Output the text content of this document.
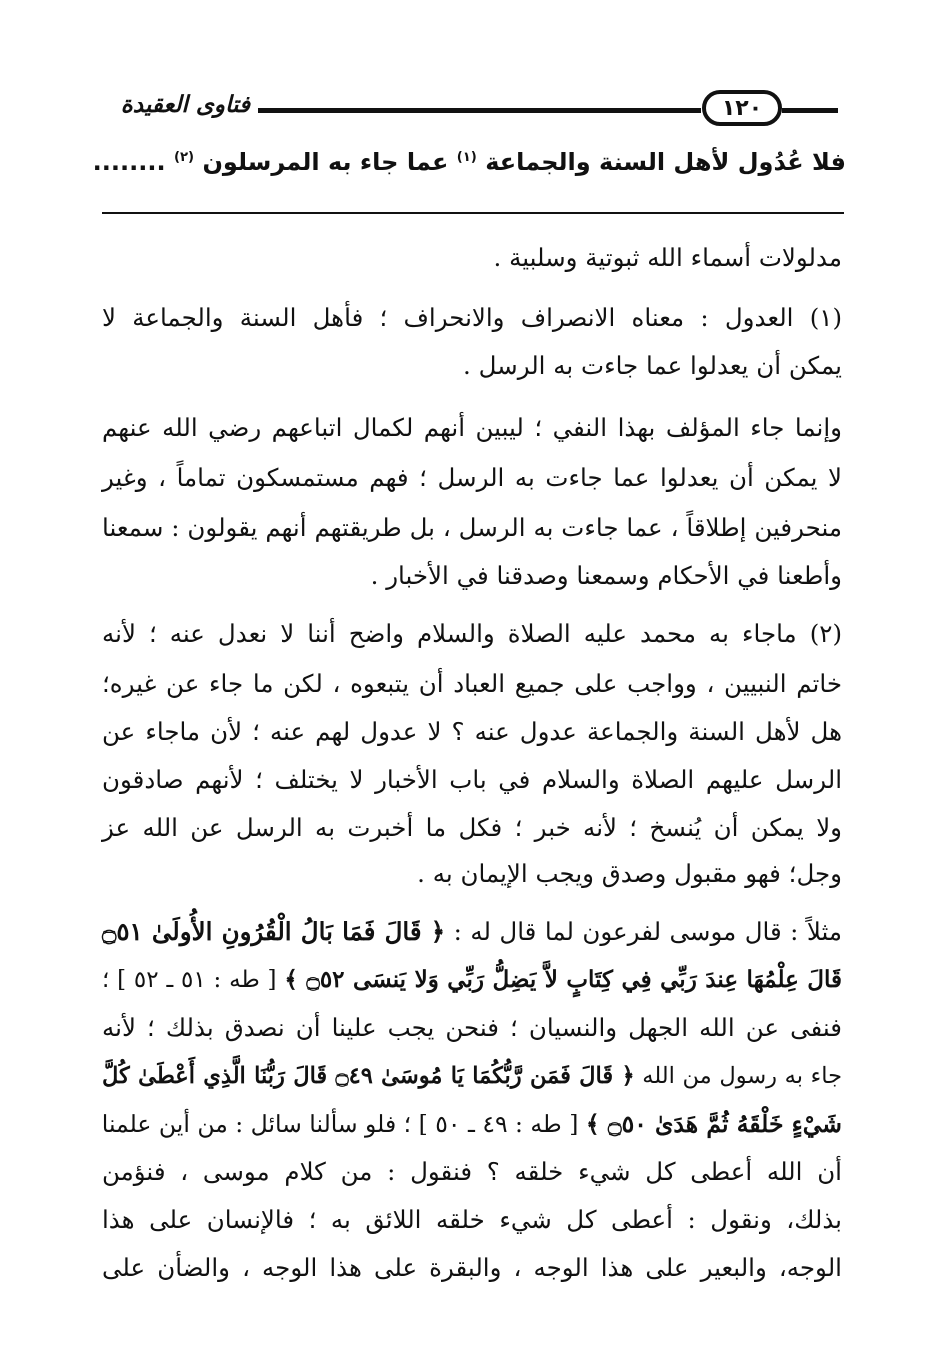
١٢٠
فتاوى العقيدة
فلا عُدُول لأهل السنة والجماعة $^{(١)}$ عما جاء به المرسلون $^{(٢)}$ ........
مدلولات أسماء الله ثبوتية وسلبية .
(١) العدول : معناه الانصراف والانحراف ؛ فأهل السنة والجماعة لا
يمكن أن يعدلوا عما جاءت به الرسل .
وإنما جاء المؤلف بهذا النفي ؛ ليبين أنهم لكمال اتباعهم رضي الله عنهم
لا يمكن أن يعدلوا عما جاءت به الرسل ؛ فهم مستمسكون تماماً ، وغير
منحرفين إطلاقاً ، عما جاءت به الرسل ، بل طريقتهم أنهم يقولون : سمعنا
وأطعنا في الأحكام وسمعنا وصدقنا في الأخبار .
(٢) ماجاء به محمد عليه الصلاة والسلام واضح أننا لا نعدل عنه ؛ لأنه
خاتم النبيين ، وواجب على جميع العباد أن يتبعوه ، لكن ما جاء عن غيره؛
هل لأهل السنة والجماعة عدول عنه ؟ لا عدول لهم عنه ؛ لأن ماجاء عن
الرسل عليهم الصلاة والسلام في باب الأخبار لا يختلف ؛ لأنهم صادقون
ولا يمكن أن يُنسخ ؛ لأنه خبر ؛ فكل ما أخبرت به الرسل عن الله عز
وجل؛ فهو مقبول وصدق ويجب الإيمان به .
مثلاً : قال موسى لفرعون لما قال له : ﴿ قَالَ فَمَا بَالُ الْقُرُونِ الأُولَىٰ ۝٥١
قَالَ عِلْمُهَا عِندَ رَبِّي فِي كِتَابٍ لاَّ يَضِلُّ رَبِّي وَلا يَنسَى ۝٥٢ ﴾ [ طه : ٥١ ـ ٥٢ ] ؛
فنفى عن الله الجهل والنسيان ؛ فنحن يجب علينا أن نصدق بذلك ؛ لأنه
جاء به رسول من الله ﴿ قَالَ فَمَن رَّبُّكُمَا يَا مُوسَىٰ ۝٤٩ قَالَ رَبُّنَا الَّذِي أَعْطَىٰ كُلَّ
شَيْءٍ خَلْقَهُ ثُمَّ هَدَىٰ ۝٥٠ ﴾ [ طه : ٤٩ ـ ٥٠ ] ؛ فلو سألنا سائل : من أين علمنا
أن الله أعطى كل شيء خلقه ؟ فنقول : من كلام موسى ، فنؤمن
بذلك، ونقول : أعطى كل شيء خلقه اللائق به ؛ فالإنسان على هذا
الوجه، والبعير على هذا الوجه ، والبقرة على هذا الوجه ، والضأن على
